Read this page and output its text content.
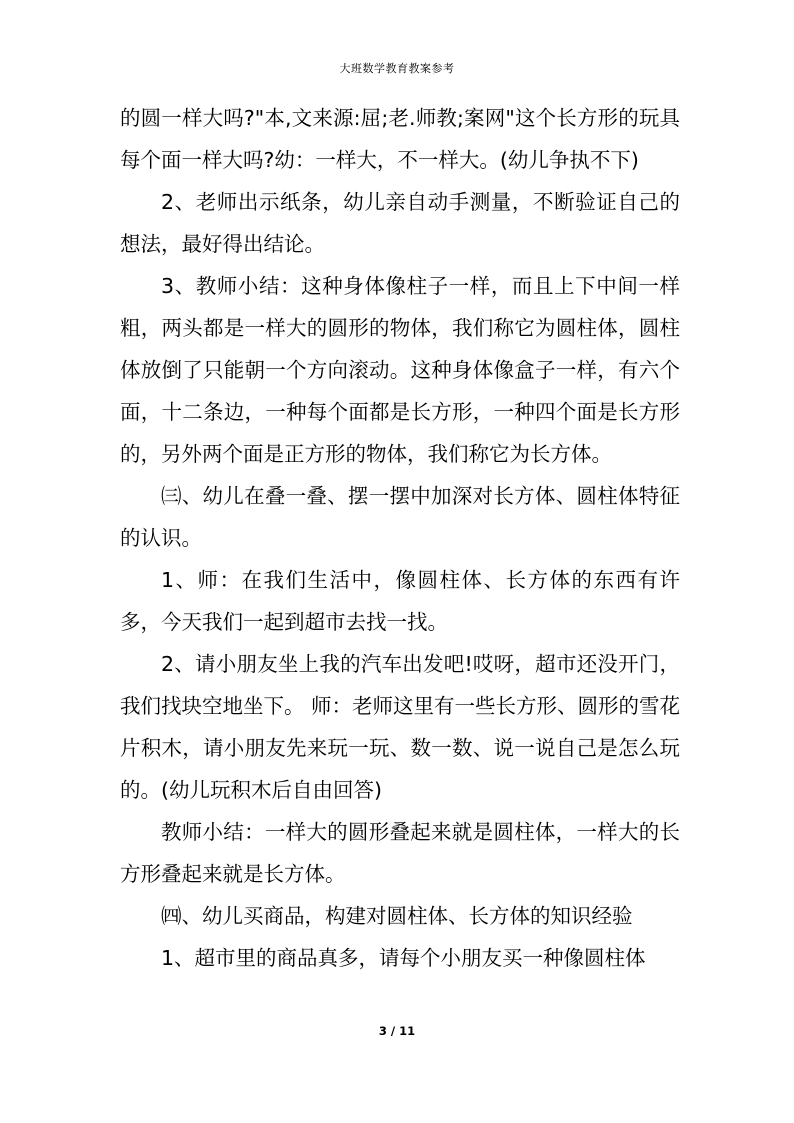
大班数学教育教案参考

的圆一样大吗?"本,文来源:屈;老.师教;案网"这个长方形的玩具每个面一样大吗?幼：一样大，不一样大。(幼儿争执不下)

2、老师出示纸条，幼儿亲自动手测量，不断验证自己的想法，最好得出结论。

3、教师小结：这种身体像柱子一样，而且上下中间一样粗，两头都是一样大的圆形的物体，我们称它为圆柱体，圆柱体放倒了只能朝一个方向滚动。这种身体像盒子一样，有六个面，十二条边，一种每个面都是长方形，一种四个面是长方形的，另外两个面是正方形的物体，我们称它为长方体。

㈢、幼儿在叠一叠、摆一摆中加深对长方体、圆柱体特征的认识。

1、师：在我们生活中，像圆柱体、长方体的东西有许多，今天我们一起到超市去找一找。

2、请小朋友坐上我的汽车出发吧!哎呀，超市还没开门，我们找块空地坐下。 师：老师这里有一些长方形、圆形的雪花片积木，请小朋友先来玩一玩、数一数、说一说自己是怎么玩的。(幼儿玩积木后自由回答)

教师小结：一样大的圆形叠起来就是圆柱体，一样大的长方形叠起来就是长方体。

㈣、幼儿买商品，构建对圆柱体、长方体的知识经验

1、超市里的商品真多，请每个小朋友买一种像圆柱体

3 / 11
